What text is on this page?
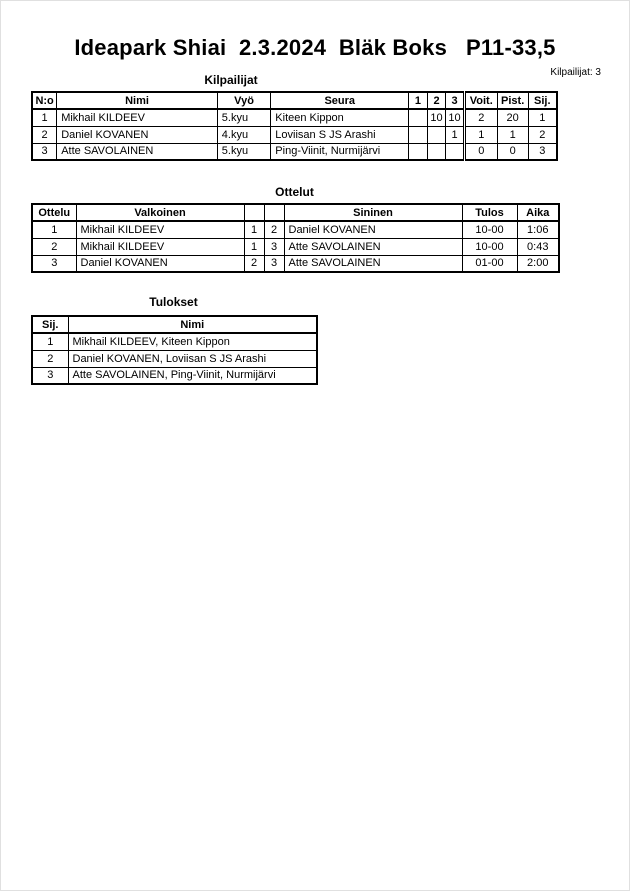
Ideapark Shiai  2.3.2024  Bläk Boks   P11-33,5
Kilpailijat: 3
Kilpailijat
N:o	Nimi	Vyö	Seura	1	2	3	Voit.	Pist.	Sij.
1	Mikhail KILDEEV	5.kyu	Kiteen Kippon		10	10	2	20	1
2	Daniel KOVANEN	4.kyu	Loviisan S JS Arashi			1	1	1	2
3	Atte SAVOLAINEN	5.kyu	Ping-Viinit, Nurmijärvi				0	0	3
Ottelut
Ottelu	Valkoinen			Sininen	Tulos	Aika
1	Mikhail KILDEEV	1	2	Daniel KOVANEN	10-00	1:06
2	Mikhail KILDEEV	1	3	Atte SAVOLAINEN	10-00	0:43
3	Daniel KOVANEN	2	3	Atte SAVOLAINEN	01-00	2:00
Tulokset
Sij.	Nimi
1	Mikhail KILDEEV, Kiteen Kippon
2	Daniel KOVANEN, Loviisan S JS Arashi
3	Atte SAVOLAINEN, Ping-Viinit, Nurmijärvi
